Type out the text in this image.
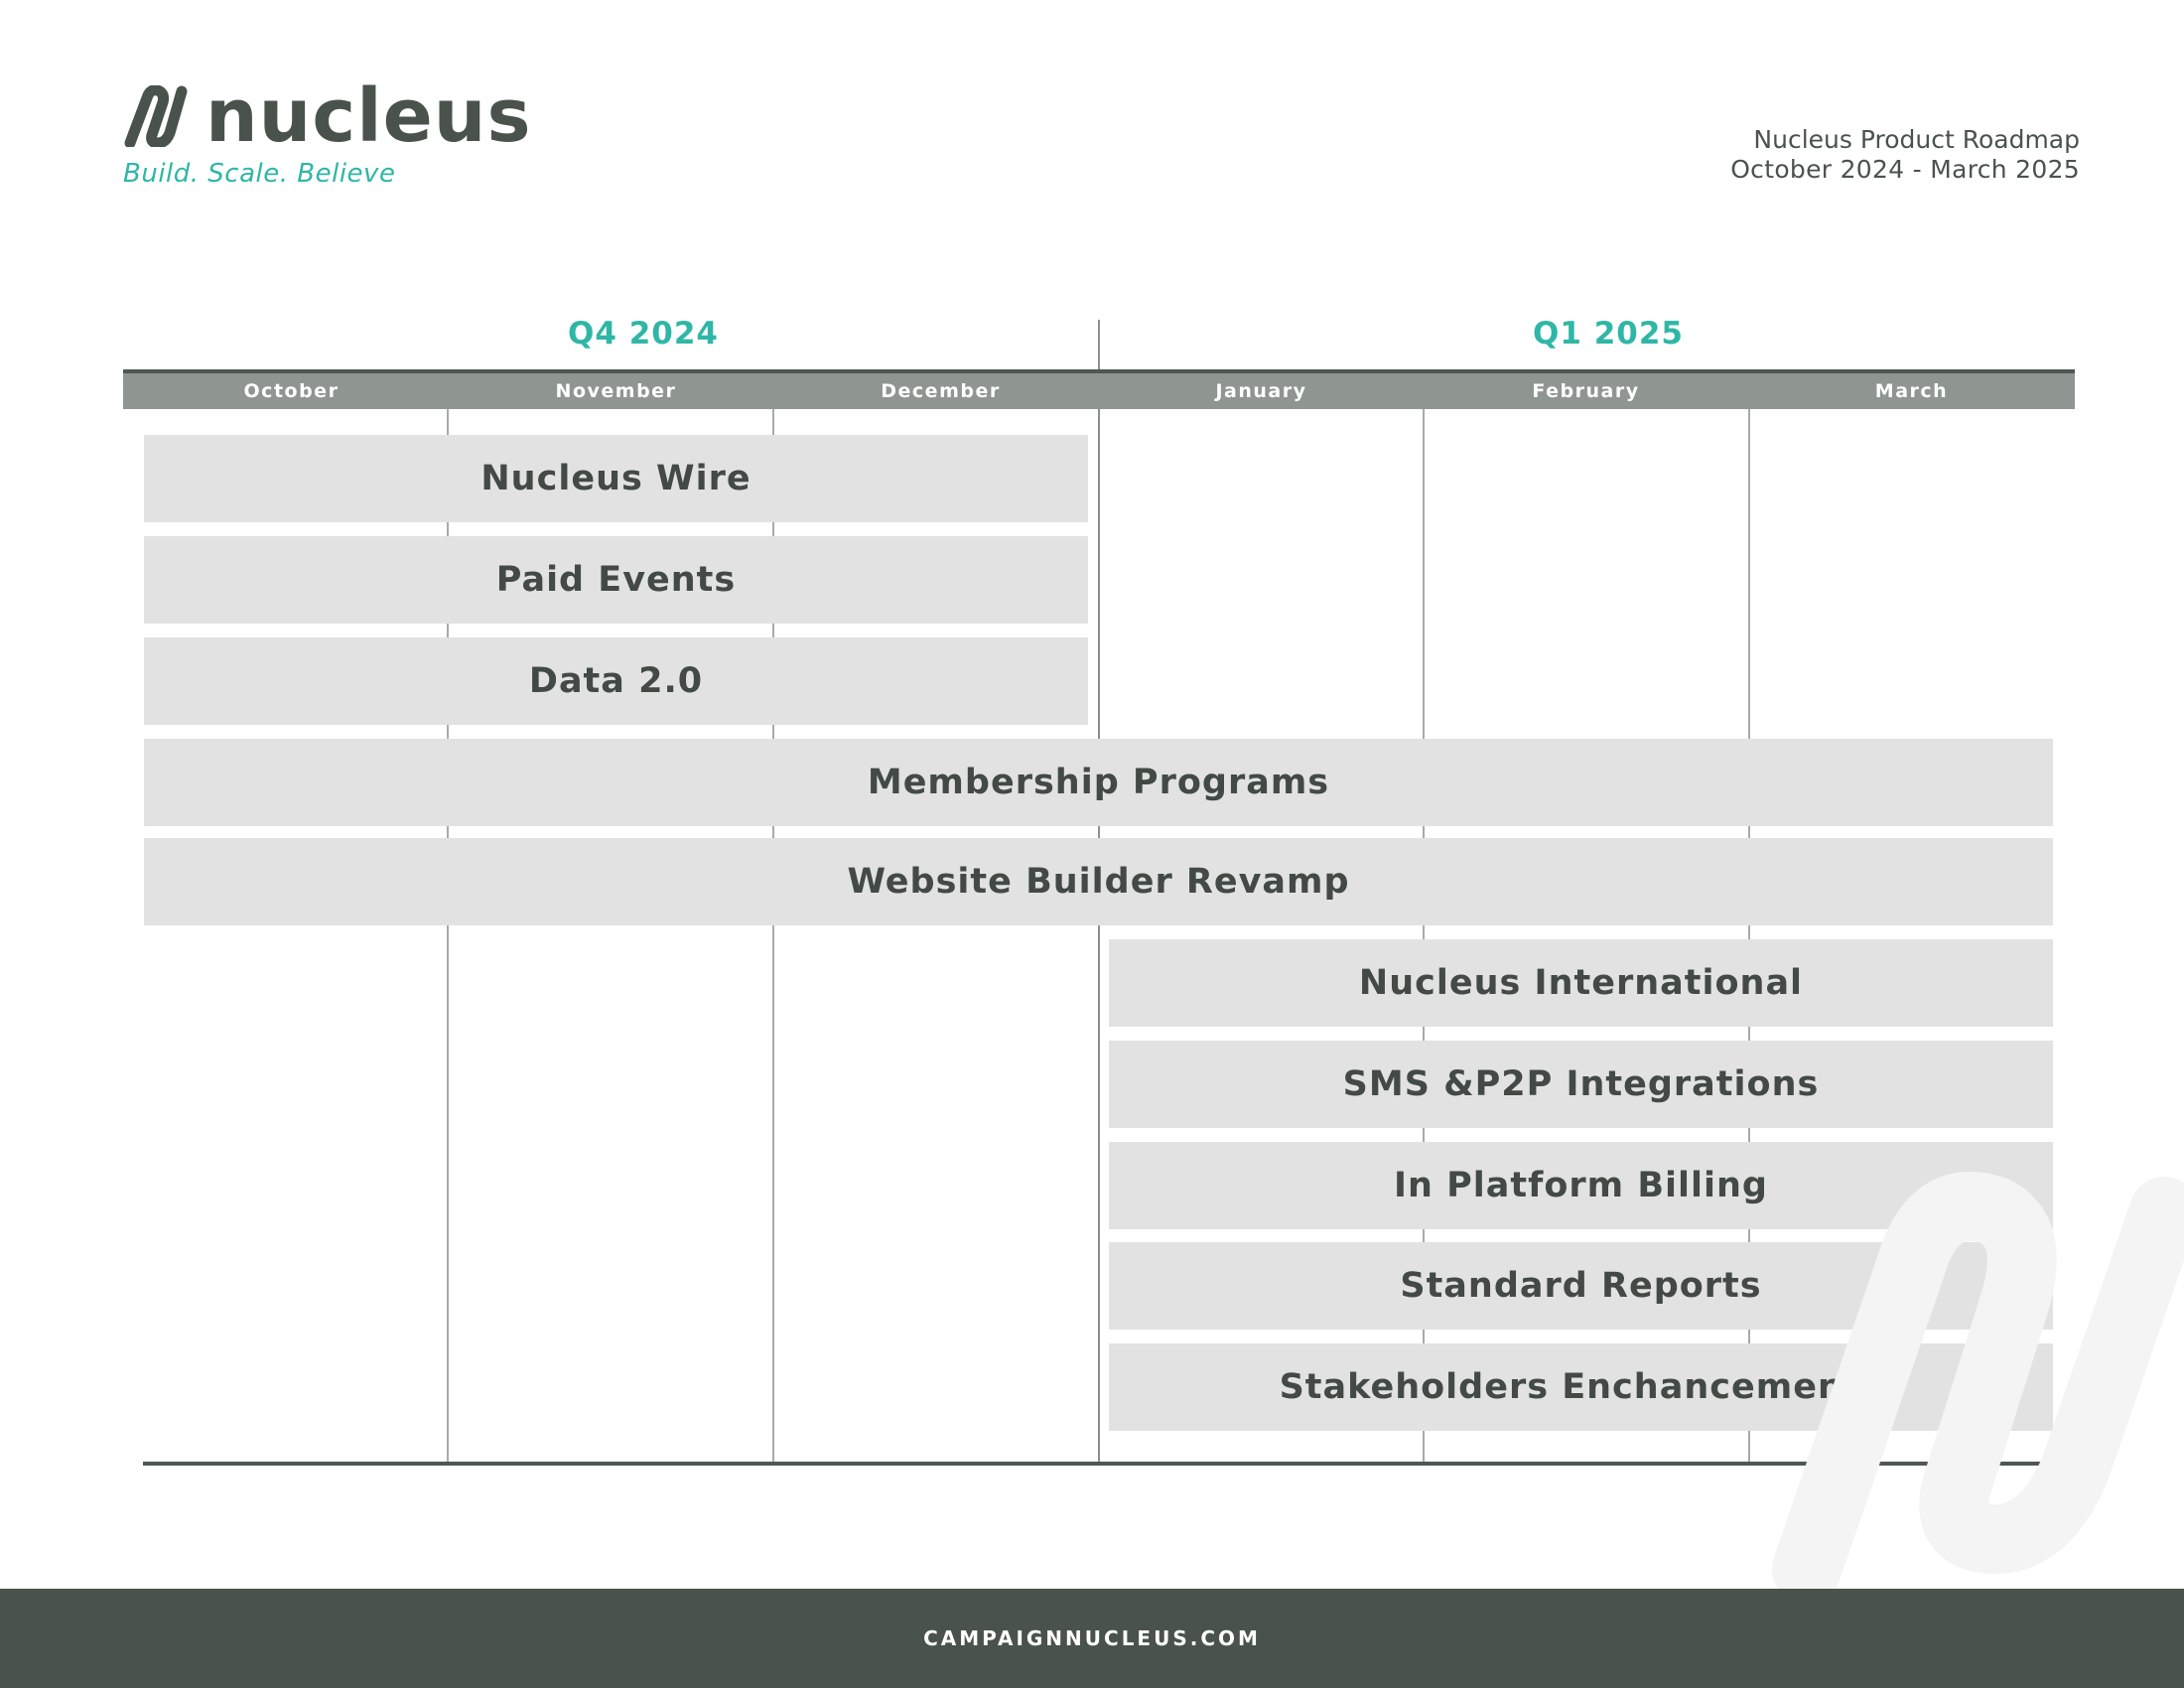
nucleus
Build. Scale. Believe
Nucleus Product Roadmap
October 2024 - March 2025
Q4 2024	Q1 2025
October	November	December	January	February	March
Nucleus Wire
Paid Events
Data 2.0
Membership Programs
Website Builder Revamp
Nucleus International
SMS &P2P Integrations
In Platform Billing
Standard Reports
Stakeholders Enchancements
CAMPAIGNNUCLEUS.COM
